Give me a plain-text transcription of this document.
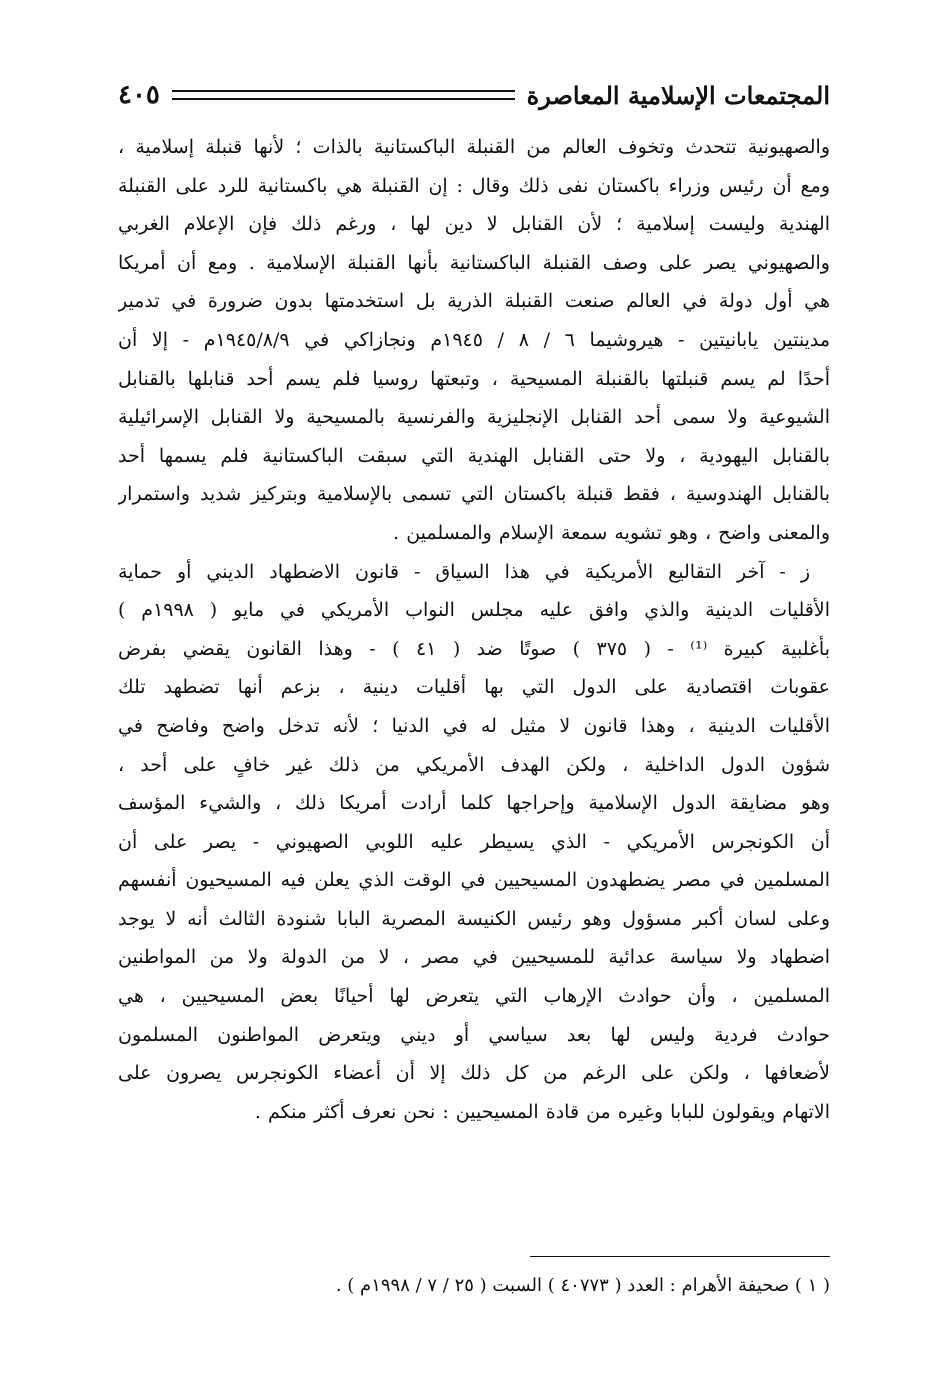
المجتمعات الإسلامية المعاصرة
٤٠٥
والصهيونية تتحدث وتخوف العالم من القنبلة الباكستانية بالذات ؛ لأنها قنبلة إسلامية ،
ومع أن رئيس وزراء باكستان نفى ذلك وقال : إن القنبلة هي باكستانية للرد على القنبلة
الهندية وليست إسلامية ؛ لأن القنابل لا دين لها ، ورغم ذلك فإن الإعلام الغربي
والصهيوني يصر على وصف القنبلة الباكستانية بأنها القنبلة الإسلامية . ومع أن أمريكا
هي أول دولة في العالم صنعت القنبلة الذرية بل استخدمتها بدون ضرورة في تدمير
مدينتين يابانيتين - هيروشيما ٦ / ٨ / ١٩٤٥م ونجازاكي في ١٩٤٥/٨/٩م - إلا أن
أحدًا لم يسم قنبلتها بالقنبلة المسيحية ، وتبعتها روسيا فلم يسم أحد قنابلها بالقنابل
الشيوعية ولا سمى أحد القنابل الإنجليزية والفرنسية بالمسيحية ولا القنابل الإسرائيلية
بالقنابل اليهودية ، ولا حتى القنابل الهندية التي سبقت الباكستانية فلم يسمها أحد
بالقنابل الهندوسية ، فقط قنبلة باكستان التي تسمى بالإسلامية وبتركيز شديد واستمرار
والمعنى واضح ، وهو تشويه سمعة الإسلام والمسلمين .
ز - آخر التقاليع الأمريكية في هذا السياق - قانون الاضطهاد الديني أو حماية
الأقليات الدينية والذي وافق عليه مجلس النواب الأمريكي في مايو ( ١٩٩٨م )
بأغلبية كبيرة ⁽¹⁾ - ( ٣٧٥ ) صوتًا ضد ( ٤١ ) - وهذا القانون يقضي بفرض
عقوبات اقتصادية على الدول التي بها أقليات دينية ، بزعم أنها تضطهد تلك
الأقليات الدينية ، وهذا قانون لا مثيل له في الدنيا ؛ لأنه تدخل واضح وفاضح في
شؤون الدول الداخلية ، ولكن الهدف الأمريكي من ذلك غير خافٍ على أحد ،
وهو مضايقة الدول الإسلامية وإحراجها كلما أرادت أمريكا ذلك ، والشيء المؤسف
أن الكونجرس الأمريكي - الذي يسيطر عليه اللوبي الصهيوني - يصر على أن
المسلمين في مصر يضطهدون المسيحيين في الوقت الذي يعلن فيه المسيحيون أنفسهم
وعلى لسان أكبر مسؤول وهو رئيس الكنيسة المصرية البابا شنودة الثالث أنه لا يوجد
اضطهاد ولا سياسة عدائية للمسيحيين في مصر ، لا من الدولة ولا من المواطنين
المسلمين ، وأن حوادث الإرهاب التي يتعرض لها أحيانًا بعض المسيحيين ، هي
حوادث فردية وليس لها بعد سياسي أو ديني ويتعرض المواطنون المسلمون
لأضعافها ، ولكن على الرغم من كل ذلك إلا أن أعضاء الكونجرس يصرون على
الاتهام ويقولون للبابا وغيره من قادة المسيحيين : نحن نعرف أكثر منكم .
( ١ ) صحيفة الأهرام : العدد ( ٤٠٧٧٣ ) السبت ( ٢٥ / ٧ / ١٩٩٨م ) .
